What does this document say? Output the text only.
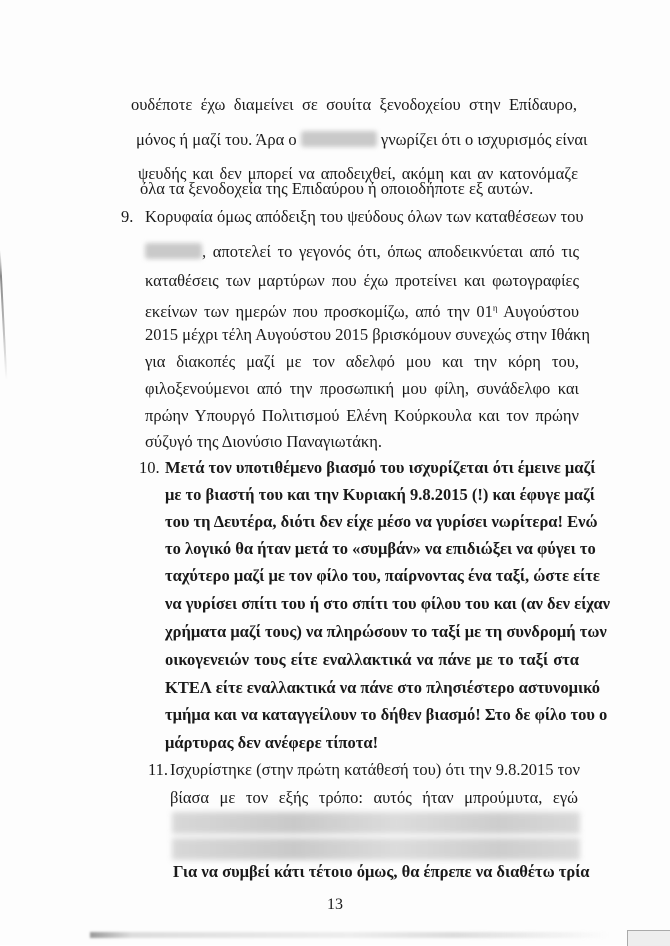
ουδέποτε έχω διαμείνει σε σουίτα ξενοδοχείου στην Επίδαυρο,
μόνος ή μαζί του. Άρα ο	γνωρίζει ότι ο ισχυρισμός είναι
ψευδής και δεν μπορεί να αποδειχθεί, ακόμη και αν κατονόμαζε
όλα τα ξενοδοχεία της Επιδαύρου ή οποιοδήποτε εξ αυτών.
9. Κορυφαία όμως απόδειξη του ψεύδους όλων των καταθέσεων του
, αποτελεί το γεγονός ότι, όπως αποδεικνύεται από τις
καταθέσεις των μαρτύρων που έχω προτείνει και φωτογραφίες
εκείνων των ημερών που προσκομίζω, από την $01^\eta$ Αυγούστου
2015 μέχρι τέλη Αυγούστου 2015 βρισκόμουν συνεχώς στην Ιθάκη
για διακοπές μαζί με τον αδελφό μου και την κόρη του,
φιλοξενούμενοι από την προσωπική μου φίλη, συνάδελφο και
πρώην Υπουργό Πολιτισμού Ελένη Κούρκουλα και τον πρώην
σύζυγό της Διονύσιο Παναγιωτάκη.
10. Μετά τον υποτιθέμενο βιασμό του ισχυρίζεται ότι έμεινε μαζί
με το βιαστή του και την Κυριακή 9.8.2015 (!) και έφυγε μαζί
του τη Δευτέρα, διότι δεν είχε μέσο να γυρίσει νωρίτερα! Ενώ
το λογικό θα ήταν μετά το «συμβάν» να επιδιώξει να φύγει το
ταχύτερο μαζί με τον φίλο του, παίρνοντας ένα ταξί, ώστε είτε
να γυρίσει σπίτι του ή στο σπίτι του φίλου του και (αν δεν είχαν
χρήματα μαζί τους) να πληρώσουν το ταξί με τη συνδρομή των
οικογενειών τους είτε εναλλακτικά να πάνε με το ταξί στα
ΚΤΕΛ είτε εναλλακτικά να πάνε στο πλησιέστερο αστυνομικό
τμήμα και να καταγγείλουν το δήθεν βιασμό! Στο δε φίλο του ο
μάρτυρας δεν ανέφερε τίποτα!
11. Ισχυρίστηκε (στην πρώτη κατάθεσή του) ότι την 9.8.2015 τον
βίασα με τον εξής τρόπο: αυτός ήταν μπρούμυτα, εγώ
Για να συμβεί κάτι τέτοιο όμως, θα έπρεπε να διαθέτω τρία
13
